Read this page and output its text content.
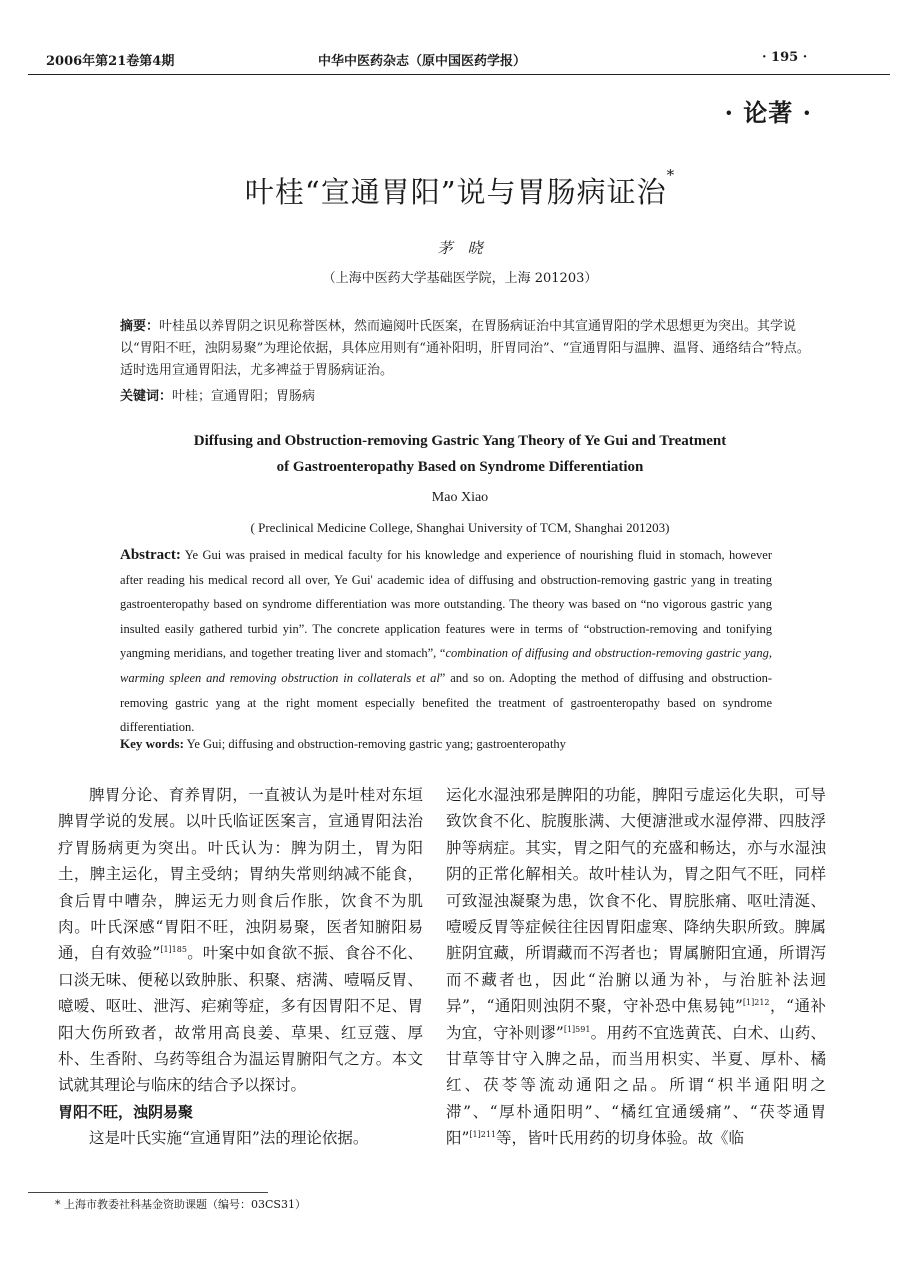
2006年第21卷第4期	中华中医药杂志（原中国医药学报）	· 195 ·
· 论著 ·
叶桂“宣通胃阳”说与胃肠病证治*
茅　晓
（上海中医药大学基础医学院，上海 201203）
摘要：叶桂虽以养胃阴之识见称誉医林，然而遍阅叶氏医案，在胃肠病证治中其宣通胃阳的学术思想更为突出。其学说以“胃阳不旺，浊阴易聚”为理论依据，具体应用则有“通补阳明，肝胃同治”、“宣通胃阳与温脾、温肾、通络结合”特点。适时选用宣通胃阳法，尤多裨益于胃肠病证治。
关键词：叶桂；宣通胃阳；胃肠病
Diffusing and Obstruction-removing Gastric Yang Theory of Ye Gui and Treatment
of Gastroenteropathy Based on Syndrome Differentiation
Mao Xiao
( Preclinical Medicine College, Shanghai University of TCM, Shanghai 201203)
Abstract: Ye Gui was praised in medical faculty for his knowledge and experience of nourishing fluid in stomach, however after reading his medical record all over, Ye Gui' academic idea of diffusing and obstruction-removing gastric yang in treating gastroenteropathy based on syndrome differentiation was more outstanding. The theory was based on “no vigorous gastric yang insulted easily gathered turbid yin”. The concrete application features were in terms of “obstruction-removing and tonifying yangming meridians, and together treating liver and stomach”, “combination of diffusing and obstruction-removing gastric yang, warming spleen and removing obstruction in collaterals et al” and so on. Adopting the method of diffusing and obstruction-removing gastric yang at the right moment especially benefited the treatment of gastroenteropathy based on syndrome differentiation.
Key words: Ye Gui; diffusing and obstruction-removing gastric yang; gastroenteropathy

脾胃分论、育养胃阴，一直被认为是叶桂对东垣脾胃学说的发展。以叶氏临证医案言，宣通胃阳法治疗胃肠病更为突出。叶氏认为：脾为阴土，胃为阳土，脾主运化，胃主受纳；胃纳失常则纳减不能食，食后胃中嘈杂，脾运无力则食后作胀，饮食不为肌肉。叶氏深感“胃阳不旺，浊阴易聚，医者知腑阳易通，自有效验”$^{[1]185}$。叶案中如食欲不振、食谷不化、口淡无味、便秘以致肿胀、积聚、痞满、噎嗝反胃、噫嗳、呕吐、泄泻、疟痢等症，多有因胃阳不足、胃阳大伤所致者，故常用高良姜、草果、红豆蔻、厚朴、生香附、乌药等组合为温运胃腑阳气之方。本文试就其理论与临床的结合予以探讨。

胃阳不旺，浊阴易聚

这是叶氏实施“宣通胃阳”法的理论依据。

运化水湿浊邪是脾阳的功能，脾阳亏虚运化失职，可导致饮食不化、脘腹胀满、大便溏泄或水湿停滞、四肢浮肿等病症。其实，胃之阳气的充盛和畅达，亦与水湿浊阴的正常化解相关。故叶桂认为，胃之阳气不旺，同样可致湿浊凝聚为患，饮食不化、胃脘胀痛、呕吐清涎、噎嗳反胃等症候往往因胃阳虚寒、降纳失职所致。脾属脏阴宜藏，所谓藏而不泻者也；胃属腑阳宜通，所谓泻而不藏者也，因此“治腑以通为补，与治脏补法迥异”，“通阳则浊阴不聚，守补恐中焦易钝”$^{[1]212}$，“通补为宜，守补则谬”$^{[1]591}$。用药不宜选黄芪、白术、山药、甘草等甘守入脾之品，而当用枳实、半夏、厚朴、橘红、茯苓等流动通阳之品。所谓“枳半通阳明之滞”、“厚朴通阳明”、“橘红宜通缓痛”、“茯苓通胃阳”$^{[1]211}$等，皆叶氏用药的切身体验。故《临

* 上海市教委社科基金资助课题（编号：03CS31）
